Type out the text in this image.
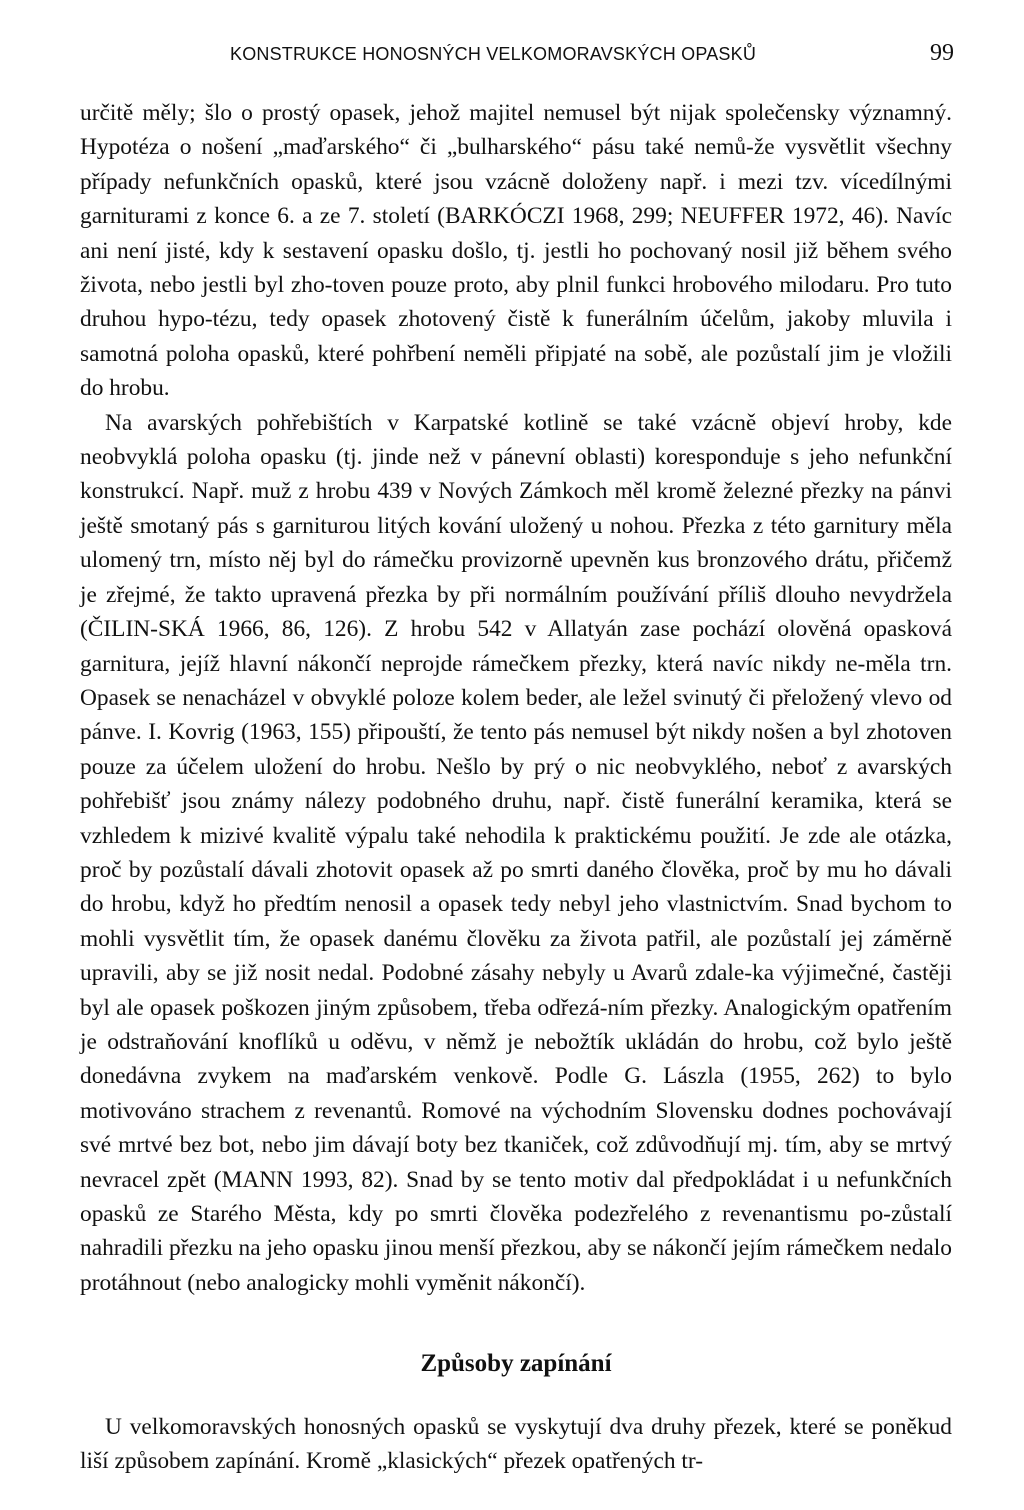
KONSTRUKCE HONOSNÝCH VELKOMORAVSKÝCH OPASKŮ	99

určitě měly; šlo o prostý opasek, jehož majitel nemusel být nijak společensky významný. Hypotéza o nošení „maďarského“ či „bulharského“ pásu také nemů-že vysvětlit všechny případy nefunkčních opasků, které jsou vzácně doloženy např. i mezi tzv. vícedílnými garniturami z konce 6. a ze 7. století (BARKÓCZI 1968, 299; NEUFFER 1972, 46). Navíc ani není jisté, kdy k sestavení opasku došlo, tj. jestli ho pochovaný nosil již během svého života, nebo jestli byl zho-toven pouze proto, aby plnil funkci hrobového milodaru. Pro tuto druhou hypo-tézu, tedy opasek zhotovený čistě k funerálním účelům, jakoby mluvila i samotná poloha opasků, které pohřbení neměli připjaté na sobě, ale pozůstalí jim je vložili do hrobu.

Na avarských pohřebištích v Karpatské kotlině se také vzácně objeví hroby, kde neobvyklá poloha opasku (tj. jinde než v pánevní oblasti) koresponduje s jeho nefunkční konstrukcí. Např. muž z hrobu 439 v Nových Zámkoch měl kromě železné přezky na pánvi ještě smotaný pás s garniturou litých kování uložený u nohou. Přezka z této garnitury měla ulomený trn, místo něj byl do rámečku provizorně upevněn kus bronzového drátu, přičemž je zřejmé, že takto upravená přezka by při normálním používání příliš dlouho nevydržela (ČILIN-SKÁ 1966, 86, 126). Z hrobu 542 v Allatyán zase pochází olověná opasková garnitura, jejíž hlavní nákončí neprojde rámečkem přezky, která navíc nikdy ne-měla trn. Opasek se nenacházel v obvyklé poloze kolem beder, ale ležel svinutý či přeložený vlevo od pánve. I. Kovrig (1963, 155) připouští, že tento pás nemusel být nikdy nošen a byl zhotoven pouze za účelem uložení do hrobu. Nešlo by prý o nic neobvyklého, neboť z avarských pohřebišť jsou známy nálezy podobného druhu, např. čistě funerální keramika, která se vzhledem k mizivé kvalitě výpalu také nehodila k praktickému použití. Je zde ale otázka, proč by pozůstalí dávali zhotovit opasek až po smrti daného člověka, proč by mu ho dávali do hrobu, když ho předtím nenosil a opasek tedy nebyl jeho vlastnictvím. Snad bychom to mohli vysvětlit tím, že opasek danému člověku za života patřil, ale pozůstalí jej záměrně upravili, aby se již nosit nedal. Podobné zásahy nebyly u Avarů zdale-ka výjimečné, častěji byl ale opasek poškozen jiným způsobem, třeba odřezá-ním přezky. Analogickým opatřením je odstraňování knoflíků u oděvu, v němž je nebožtík ukládán do hrobu, což bylo ještě donedávna zvykem na maďarském venkově. Podle G. Lászla (1955, 262) to bylo motivováno strachem z revenantů. Romové na východním Slovensku dodnes pochovávají své mrtvé bez bot, nebo jim dávají boty bez tkaniček, což zdůvodňují mj. tím, aby se mrtvý nevracel zpět (MANN 1993, 82). Snad by se tento motiv dal předpokládat i u nefunkčních opasků ze Starého Města, kdy po smrti člověka podezřelého z revenantismu po-zůstalí nahradili přezku na jeho opasku jinou menší přezkou, aby se nákončí jejím rámečkem nedalo protáhnout (nebo analogicky mohli vyměnit nákončí).

Způsoby zapínání

U velkomoravských honosných opasků se vyskytují dva druhy přezek, které se poněkud liší způsobem zapínání. Kromě „klasických“ přezek opatřených tr-
